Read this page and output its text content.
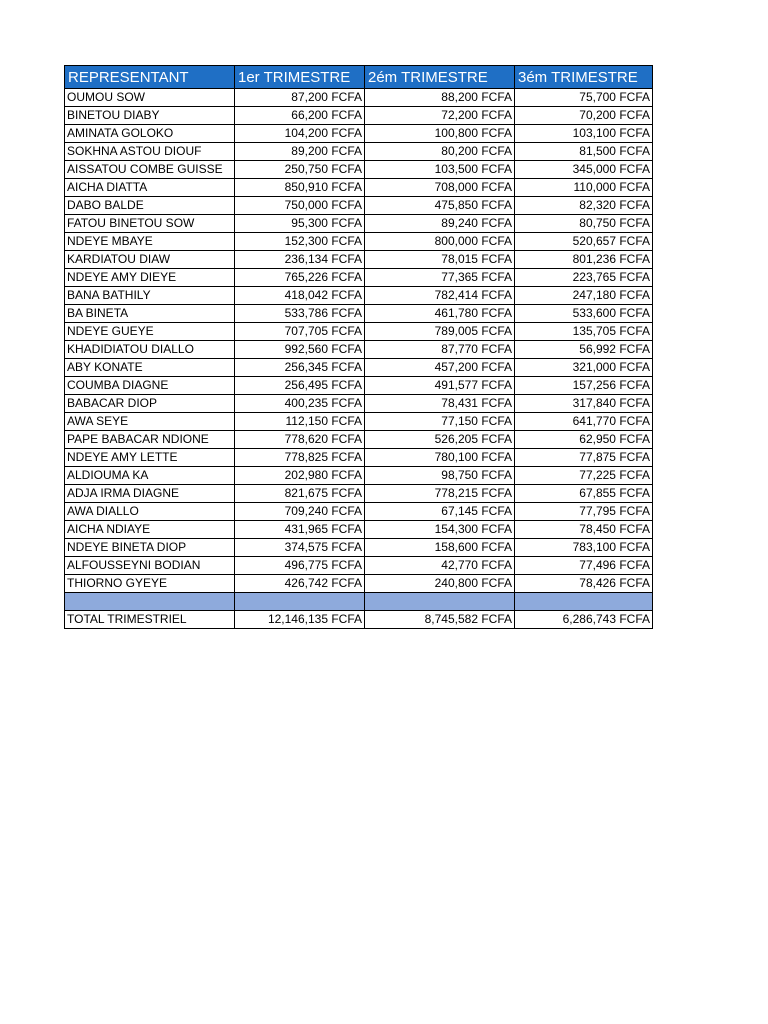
REPRESENTANT	1er TRIMESTRE	2ém TRIMESTRE	3ém TRIMESTRE
OUMOU SOW	87,200 FCFA	88,200 FCFA	75,700 FCFA
BINETOU DIABY	66,200 FCFA	72,200 FCFA	70,200 FCFA
AMINATA GOLOKO	104,200 FCFA	100,800 FCFA	103,100 FCFA
SOKHNA ASTOU DIOUF	89,200 FCFA	80,200 FCFA	81,500 FCFA
AISSATOU COMBE GUISSE	250,750 FCFA	103,500 FCFA	345,000 FCFA
AICHA DIATTA	850,910 FCFA	708,000 FCFA	110,000 FCFA
DABO BALDE	750,000 FCFA	475,850 FCFA	82,320 FCFA
FATOU BINETOU SOW	95,300 FCFA	89,240 FCFA	80,750 FCFA
NDEYE MBAYE	152,300 FCFA	800,000 FCFA	520,657 FCFA
KARDIATOU DIAW	236,134 FCFA	78,015 FCFA	801,236 FCFA
NDEYE AMY DIEYE	765,226 FCFA	77,365 FCFA	223,765 FCFA
BANA BATHILY	418,042 FCFA	782,414 FCFA	247,180 FCFA
BA BINETA	533,786 FCFA	461,780 FCFA	533,600 FCFA
NDEYE GUEYE	707,705 FCFA	789,005 FCFA	135,705 FCFA
KHADIDIATOU DIALLO	992,560 FCFA	87,770 FCFA	56,992 FCFA
ABY KONATE	256,345 FCFA	457,200 FCFA	321,000 FCFA
COUMBA DIAGNE	256,495 FCFA	491,577 FCFA	157,256 FCFA
BABACAR DIOP	400,235 FCFA	78,431 FCFA	317,840 FCFA
AWA SEYE	112,150 FCFA	77,150 FCFA	641,770 FCFA
PAPE BABACAR NDIONE	778,620 FCFA	526,205 FCFA	62,950 FCFA
NDEYE AMY LETTE	778,825 FCFA	780,100 FCFA	77,875 FCFA
ALDIOUMA KA	202,980 FCFA	98,750 FCFA	77,225 FCFA
ADJA IRMA DIAGNE	821,675 FCFA	778,215 FCFA	67,855 FCFA
AWA DIALLO	709,240 FCFA	67,145 FCFA	77,795 FCFA
AICHA NDIAYE	431,965 FCFA	154,300 FCFA	78,450 FCFA
NDEYE BINETA DIOP	374,575 FCFA	158,600 FCFA	783,100 FCFA
ALFOUSSEYNI BODIAN	496,775 FCFA	42,770 FCFA	77,496 FCFA
THIORNO GYEYE	426,742 FCFA	240,800 FCFA	78,426 FCFA

TOTAL TRIMESTRIEL	12,146,135 FCFA	8,745,582 FCFA	6,286,743 FCFA
